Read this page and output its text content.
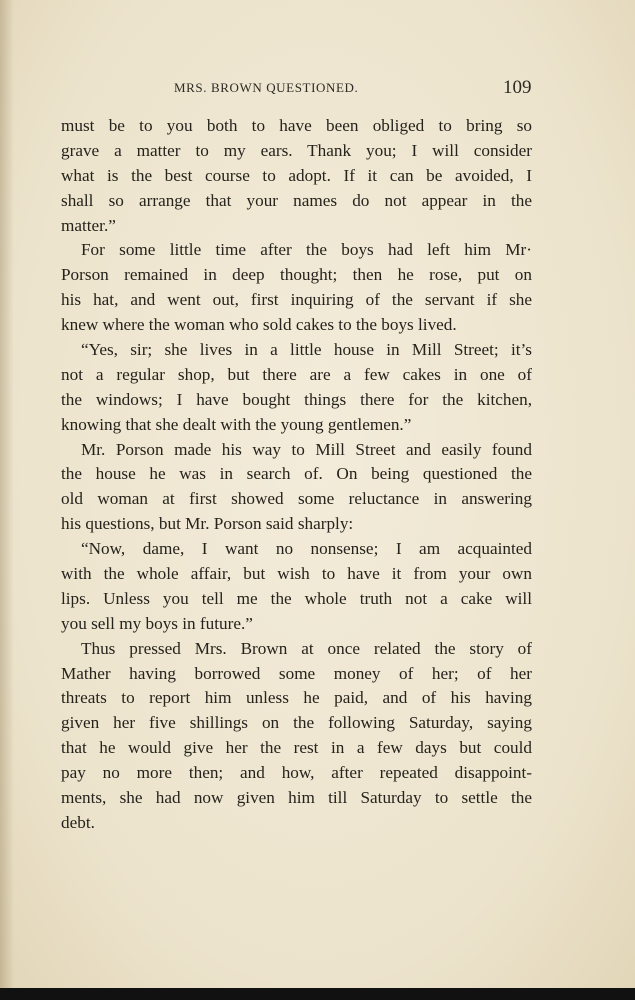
MRS. BROWN QUESTIONED.	109
must be to you both to have been obliged to bring so
grave a matter to my ears. Thank you; I will consider
what is the best course to adopt. If it can be avoided, I
shall so arrange that your names do not appear in the
matter.”
For some little time after the boys had left him Mr·
Porson remained in deep thought; then he rose, put on
his hat, and went out, first inquiring of the servant if she
knew where the woman who sold cakes to the boys lived.
“Yes, sir; she lives in a little house in Mill Street; it’s
not a regular shop, but there are a few cakes in one of
the windows; I have bought things there for the kitchen,
knowing that she dealt with the young gentlemen.”
Mr. Porson made his way to Mill Street and easily found
the house he was in search of. On being questioned the
old woman at first showed some reluctance in answering
his questions, but Mr. Porson said sharply:
“Now, dame, I want no nonsense; I am acquainted
with the whole affair, but wish to have it from your own
lips. Unless you tell me the whole truth not a cake will
you sell my boys in future.”
Thus pressed Mrs. Brown at once related the story of
Mather having borrowed some money of her; of her
threats to report him unless he paid, and of his having
given her five shillings on the following Saturday, saying
that he would give her the rest in a few days but could
pay no more then; and how, after repeated disappoint-
ments, she had now given him till Saturday to settle the
debt.
